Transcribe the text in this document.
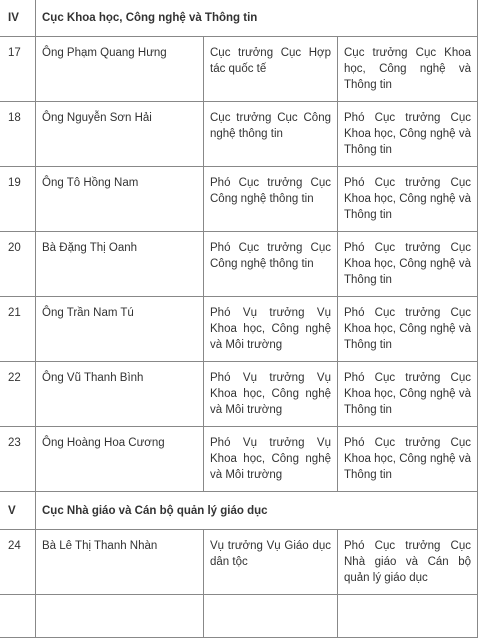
IV	Cục Khoa học, Công nghệ và Thông tin		
17	Ông Phạm Quang Hưng	Cục trưởng Cục Hợp tác quốc tế	Cục trưởng Cục Khoa học, Công nghệ và Thông tin
18	Ông Nguyễn Sơn Hải	Cục trưởng Cục Công nghệ thông tin	Phó Cục trưởng Cục Khoa học, Công nghệ và Thông tin
19	Ông Tô Hồng Nam	Phó Cục trưởng Cục Công nghệ thông tin	Phó Cục trưởng Cục Khoa học, Công nghệ và Thông tin
20	Bà Đặng Thị Oanh	Phó Cục trưởng Cục Công nghệ thông tin	Phó Cục trưởng Cục Khoa học, Công nghệ và Thông tin
21	Ông Trần Nam Tú	Phó Vụ trưởng Vụ Khoa học, Công nghệ và Môi trường	Phó Cục trưởng Cục Khoa học, Công nghệ và Thông tin
22	Ông Vũ Thanh Bình	Phó Vụ trưởng Vụ Khoa học, Công nghệ và Môi trường	Phó Cục trưởng Cục Khoa học, Công nghệ và Thông tin
23	Ông Hoàng Hoa Cương	Phó Vụ trưởng Vụ Khoa học, Công nghệ và Môi trường	Phó Cục trưởng Cục Khoa học, Công nghệ và Thông tin
V	Cục Nhà giáo và Cán bộ quản lý giáo dục		
24	Bà Lê Thị Thanh Nhàn	Vụ trưởng Vụ Giáo dục dân tộc	Phó Cục trưởng Cục Nhà giáo và Cán bộ quản lý giáo dục
